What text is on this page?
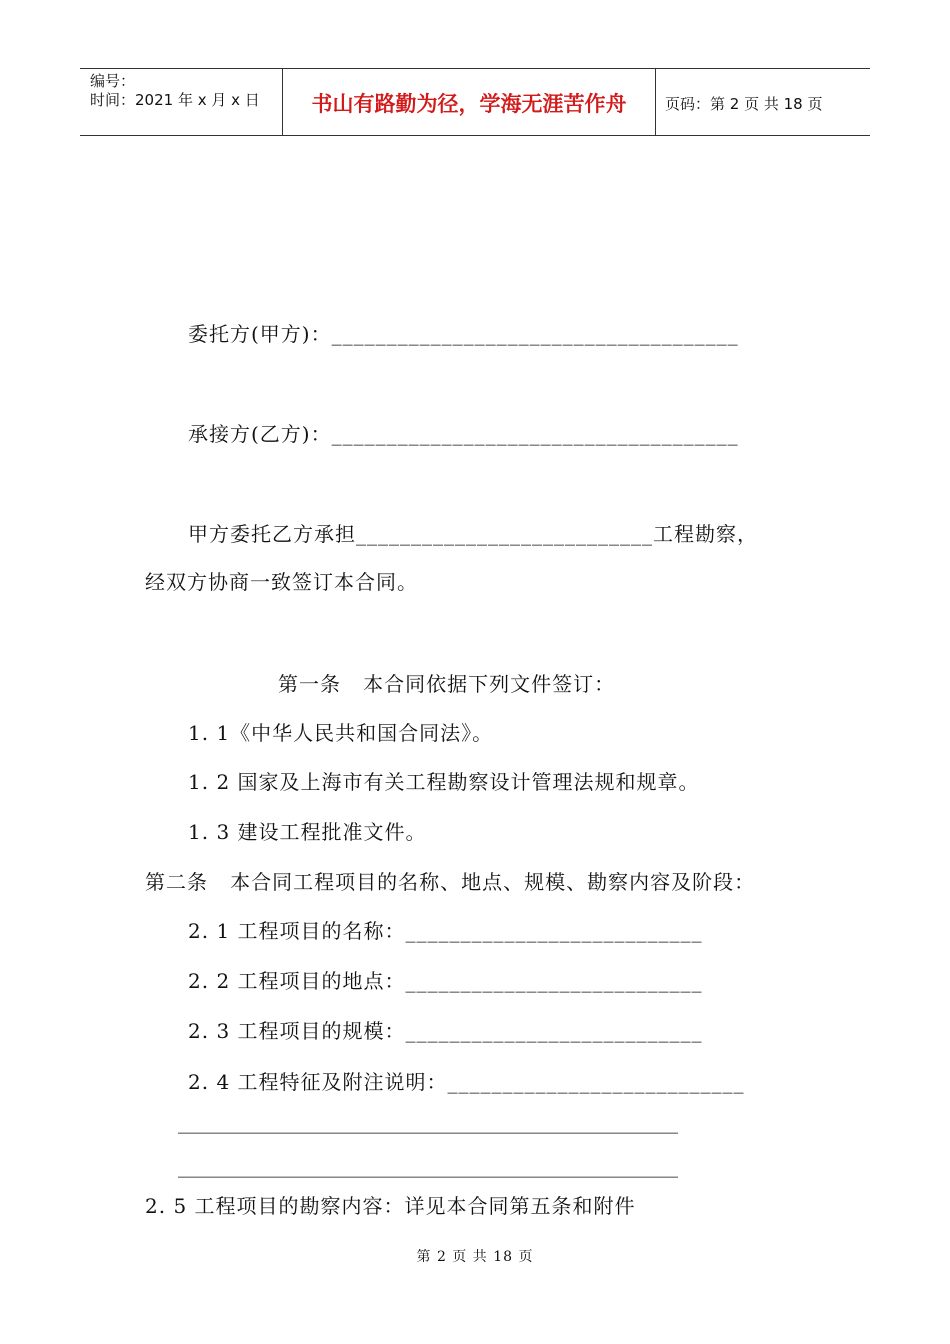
编号：
时间：2021 年 x 月 x 日	书山有路勤为径，学海无涯苦作舟	页码：第 2 页 共 18 页
委托方(甲方)：_____________________________________
承接方(乙方)：_____________________________________
甲方委托乙方承担___________________________工程勘察，
经双方协商一致签订本合同。
第一条   本合同依据下列文件签订：
1. 1《中华人民共和国合同法》。
1. 2 国家及上海市有关工程勘察设计管理法规和规章。
1. 3 建设工程批准文件。
第二条   本合同工程项目的名称、地点、规模、勘察内容及阶段：
2. 1 工程项目的名称：___________________________
2. 2 工程项目的地点：___________________________
2. 3 工程项目的规模：___________________________
2. 4 工程特征及附注说明：___________________________
__________________________________________________
__________________________________________________
2. 5 工程项目的勘察内容：详见本合同第五条和附件
第 2 页 共 18 页
